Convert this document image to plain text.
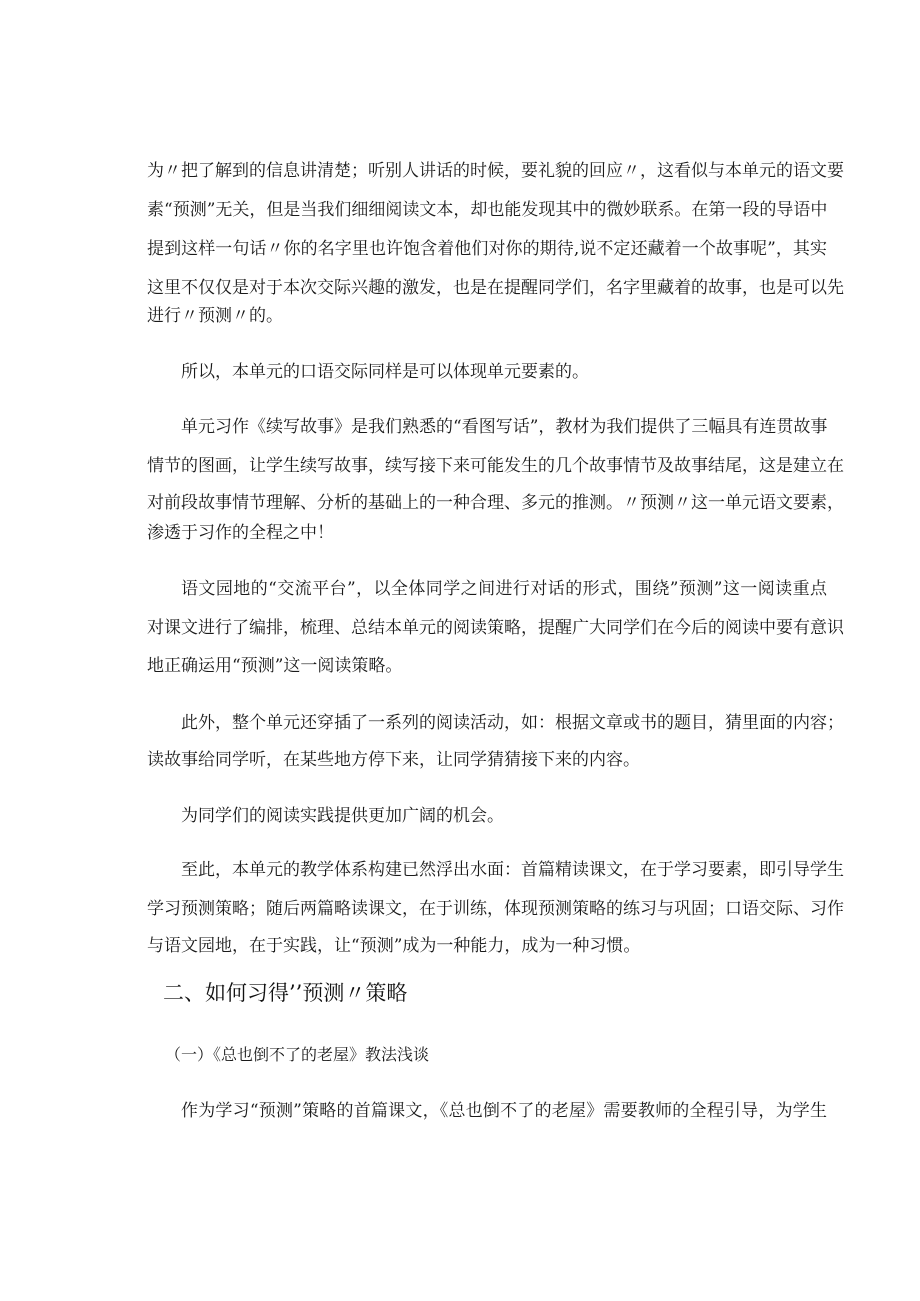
为〃把了解到的信息讲清楚；听别人讲话的时候，要礼貌的回应〃，这看似与本单元的语文要
素“预测”无关，但是当我们细细阅读文本，却也能发现其中的微妙联系。在第一段的导语中
提到这样一句话〃你的名字里也许饱含着他们对你的期待,说不定还藏着一个故事呢”，其实
这里不仅仅是对于本次交际兴趣的激发，也是在提醒同学们，名字里藏着的故事，也是可以先
进行〃预测〃的。
所以，本单元的口语交际同样是可以体现单元要素的。
单元习作《续写故事》是我们熟悉的“看图写话”，教材为我们提供了三幅具有连贯故事
情节的图画，让学生续写故事，续写接下来可能发生的几个故事情节及故事结尾，这是建立在
对前段故事情节理解、分析的基础上的一种合理、多元的推测。〃预测〃这一单元语文要素，
渗透于习作的全程之中！
语文园地的“交流平台”，以全体同学之间进行对话的形式，围绕”预测”这一阅读重点
对课文进行了编排，梳理、总结本单元的阅读策略，提醒广大同学们在今后的阅读中要有意识
地正确运用“预测”这一阅读策略。
此外，整个单元还穿插了一系列的阅读活动，如：根据文章或书的题目，猜里面的内容；
读故事给同学听，在某些地方停下来，让同学猜猜接下来的内容。
为同学们的阅读实践提供更加广阔的机会。
至此，本单元的教学体系构建已然浮出水面：首篇精读课文，在于学习要素，即引导学生
学习预测策略；随后两篇略读课文，在于训练，体现预测策略的练习与巩固；口语交际、习作
与语文园地，在于实践，让“预测”成为一种能力，成为一种习惯。
二、如何习得’’预测〃策略
（一）《总也倒不了的老屋》教法浅谈
作为学习“预测”策略的首篇课文，《总也倒不了的老屋》需要教师的全程引导，为学生
